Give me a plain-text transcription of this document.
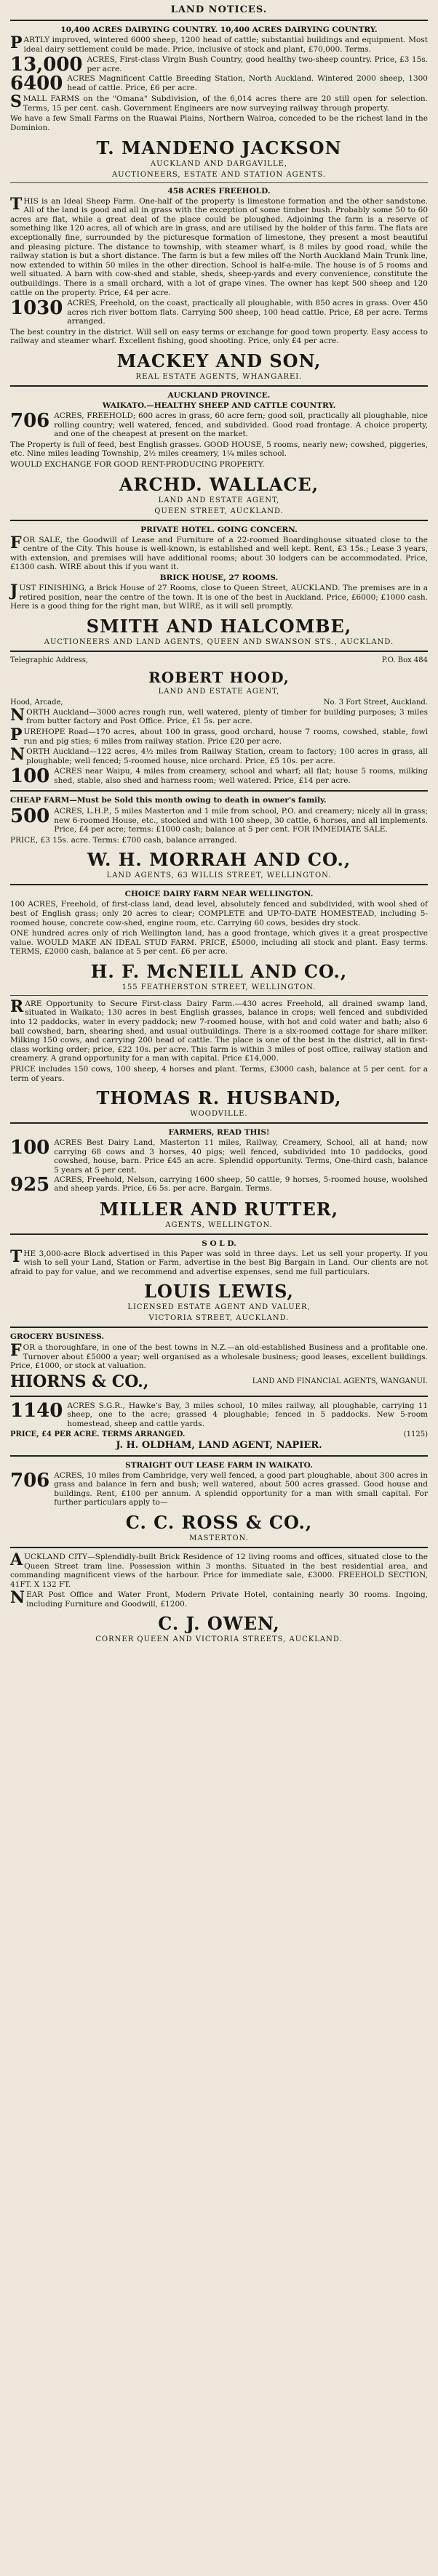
LAND NOTICES.
10,400 ACRES DAIRYING COUNTRY. 10,400 ACRES DAIRYING COUNTRY.

PARTLY improved, wintered 6000 sheep, 1200 head of cattle; substantial buildings and equipment. Most ideal dairy settlement could be made. Price, inclusive of stock and plant, £70,000. Terms.

13,000 ACRES, First-class Virgin Bush Country, good healthy two-sheep country. Price, £3 15s. per acre.

6400 ACRES Magnificent Cattle Breeding Station, North Auckland. Wintered 2000 sheep, 1300 head of cattle. Price, £6 per acre.

SMALL FARMS on the "Omana" Subdivision, of the 6,014 acres there are 20 still open for selection. Terms, 15 per cent. cash. Government Engineers are now surveying railway through property.

We have a few Small Farms on the Ruawai Plains, Northern Wairoa, conceded to be the richest land in the Dominion.

T. MANDENO JACKSON
AUCKLAND AND DARGAVILLE,
AUCTIONEERS, ESTATE AND STATION AGENTS.
458 ACRES FREEHOLD.

THIS is an Ideal Sheep Farm. One-half of the property is limestone formation and the other sandstone. All of the land is good and all in grass with the exception of some timber bush. Probably some 50 to 60 acres are flat, while a great deal of the place could be ploughed. Adjoining the farm is a reserve of something like 120 acres, all of which are in grass, and are utilised by the holder of this farm. The flats are exceptionally fine, surrounded by the picturesque formation of limestone, they present a most beautiful and pleasing picture. The distance to township, with steamer wharf, is 8 miles by good road, while the railway station is but a short distance. The farm is but a few miles off the North Auckland Main Trunk line, now extended to within 50 miles in the other direction. School is half-a-mile. The house is of 5 rooms and well situated. A barn with cow-shed and stable, sheds, sheep-yards and every convenience, constitute the outbuildings. There is a small orchard, with a lot of grape vines. The owner has kept 500 sheep and 120 cattle on the property. Price, £4 per acre.

1030 ACRES, Freehold, on the coast, practically all ploughable, with 850 acres in grass. Over 450 acres rich river bottom flats. Carrying 500 sheep, 100 head cattle. Price, £8 per acre. Terms arranged.

The best country in the district. Will sell on easy terms or exchange for good town property. Easy access to railway and steamer wharf. Excellent fishing, good shooting. Price, only £4 per acre.

MACKEY AND SON,
REAL ESTATE AGENTS, WHANGAREI.
AUCKLAND PROVINCE.
WAIKATO.—HEALTHY SHEEP AND CATTLE COUNTRY.
706 ACRES, FREEHOLD; 600 acres in grass, 60 acre fern; good soil, practically all ploughable, nice rolling country; well watered, fenced, and subdivided. Good road frontage. A choice property, and one of the cheapest at present on the market.

The Property is full of feed, best English grasses. GOOD HOUSE, 5 rooms, nearly new; cowshed, piggeries, etc. Nine miles leading Township, 2½ miles creamery, 1¼ miles school.

WOULD EXCHANGE FOR GOOD RENT-PRODUCING PROPERTY.

ARCHD. WALLACE,
LAND AND ESTATE AGENT,
QUEEN STREET, AUCKLAND.
PRIVATE HOTEL. GOING CONCERN.

FOR SALE, the Goodwill of Lease and Furniture of a 22-roomed Boardinghouse situated close to the centre of the City. This house is well-known, is established and well kept. Rent, £3 15s.; Lease 3 years, with extension, and premises will have additional rooms; about 30 lodgers can be accommodated. Price, £1300 cash. WIRE about this if you want it.

BRICK HOUSE, 27 ROOMS.

JUST FINISHING, a Brick House of 27 Rooms, close to Queen Street, AUCKLAND. The premises are in a retired position, near the centre of the town. It is one of the best in Auckland. Price, £6000; £1000 cash. Here is a good thing for the right man, but WIRE, as it will sell promptly.

SMITH AND HALCOMBE,
AUCTIONEERS AND LAND AGENTS, QUEEN AND SWANSON STS., AUCKLAND.
Telegraphic Address,	P.O. Box 484
ROBERT HOOD,
LAND AND ESTATE AGENT,
Hood, Arcade,	No. 3 Fort Street, Auckland.

NORTH Auckland—3000 acres rough run, well watered, plenty of timber for building purposes; 3 miles from butter factory and Post Office. Price, £1 5s. per acre.

PUREHOPE Road—170 acres, about 100 in grass, good orchard, house 7 rooms, cowshed, stable, fowl run and pig sties; 6 miles from railway station. Price £20 per acre.

NORTH Auckland—122 acres, 4½ miles from Railway Station, cream to factory; 100 acres in grass, all ploughable; well fenced; 5-roomed house, nice orchard. Price, £5 10s. per acre.

100 ACRES near Waipu, 4 miles from creamery, school and wharf; all flat; house 5 rooms, milking shed, stable, also shed and harness room; well watered. Price, £14 per acre.

CHEAP FARM—Must be Sold this month owing to death in owner's family.

500 ACRES, L.H.P., 5 miles Masterton and 1 mile from school, P.O. and creamery; nicely all in grass; new 6-roomed House, etc., stocked and with 100 sheep, 30 cattle, 6 horses, and all implements. Price, £4 per acre; terms: £1000 cash; balance at 5 per cent. FOR IMMEDIATE SALE.

PRICE, £3 15s. acre. Terms: £700 cash, balance arranged.

W. H. MORRAH AND CO.,
LAND AGENTS, 63 WILLIS STREET, WELLINGTON.
CHOICE DAIRY FARM NEAR WELLINGTON.

100 ACRES, Freehold, of first-class land, dead level, absolutely fenced and subdivided, with wool shed of best of English grass; only 20 acres to clear; COMPLETE and UP-TO-DATE HOMESTEAD, including 5-roomed house, concrete cow-shed, engine room, etc. Carrying 60 cows, besides dry stock.

ONE hundred acres only of rich Wellington land, has a good frontage, which gives it a great prospective value. WOULD MAKE AN IDEAL STUD FARM. PRICE, £5000, including all stock and plant. Easy terms. TERMS, £2000 cash, balance at 5 per cent. £6 per acre.

H. F. McNEILL AND CO.,
155 FEATHERSTON STREET, WELLINGTON.

RARE Opportunity to Secure First-class Dairy Farm.—430 acres Freehold, all drained swamp land, situated in Waikato; 130 acres in best English grasses, balance in crops; well fenced and subdivided into 12 paddocks, water in every paddock; new 7-roomed house, with hot and cold water and bath; also 6 bail cowshed, barn, shearing shed, and usual outbuildings. There is a six-roomed cottage for share milker. Milking 150 cows, and carrying 200 head of cattle. The place is one of the best in the district, all in first-class working order; price, £22 10s. per acre. This farm is within 3 miles of post office, railway station and creamery. A grand opportunity for a man with capital. Price £14,000.

PRICE includes 150 cows, 100 sheep, 4 horses and plant. Terms, £3000 cash, balance at 5 per cent. for a term of years.

THOMAS R. HUSBAND,
WOODVILLE.
FARMERS, READ THIS!
100 ACRES Best Dairy Land, Masterton 11 miles, Railway, Creamery, School, all at hand; now carrying 68 cows and 3 horses, 40 pigs; well fenced, subdivided into 10 paddocks, good cowshed, house, barn. Price £45 an acre. Splendid opportunity. Terms, One-third cash, balance 5 years at 5 per cent.

925 ACRES, Freehold, Nelson, carrying 1600 sheep, 50 cattle, 9 horses, 5-roomed house, woolshed and sheep yards. Price, £6 5s. per acre. Bargain. Terms.

MILLER AND RUTTER,
AGENTS, WELLINGTON.
S O L D.

THE 3,000-acre Block advertised in this Paper was sold in three days. Let us sell your property. If you wish to sell your Land, Station or Farm, advertise in the best Big Bargain in Land. Our clients are not afraid to pay for value, and we recommend and advertise expenses, send me full particulars.

LOUIS LEWIS,
LICENSED ESTATE AGENT AND VALUER,
VICTORIA STREET, AUCKLAND.

GROCERY BUSINESS.

FOR a thoroughfare, in one of the best towns in N.Z.—an old-established Business and a profitable one. Turnover about £5000 a year; well organised as a wholesale business; good leases, excellent buildings. Price, £1000, or stock at valuation.

HIORNS & CO.,	LAND AND FINANCIAL AGENTS, WANGANUI.
1140 ACRES S.G.R., Hawke's Bay, 3 miles school, 10 miles railway, all ploughable, carrying 11 sheep, one to the acre; grassed 4 ploughable; fenced in 5 paddocks. New 5-room homestead, sheep and cattle yards.

PRICE, £4 PER ACRE. TERMS ARRANGED.	(1125)
J. H. OLDHAM, LAND AGENT, NAPIER.
STRAIGHT OUT LEASE FARM IN WAIKATO.
706 ACRES, 10 miles from Cambridge, very well fenced, a good part ploughable, about 300 acres in grass and balance in fern and bush; well watered, about 500 acres grassed. Good house and buildings. Rent, £100 per annum. A splendid opportunity for a man with small capital. For further particulars apply to—

C. C. ROSS & CO.,
MASTERTON.

AUCKLAND CITY—Splendidly-built Brick Residence of 12 living rooms and offices, situated close to the Queen Street tram line. Possession within 3 months. Situated in the best residential area, and commanding magnificent views of the harbour. Price for immediate sale, £3000. FREEHOLD SECTION, 41FT. X 132 FT.

NEAR Post Office and Water Front, Modern Private Hotel, containing nearly 30 rooms. Ingoing, including Furniture and Goodwill, £1200.

C. J. OWEN,
CORNER QUEEN AND VICTORIA STREETS, AUCKLAND.
